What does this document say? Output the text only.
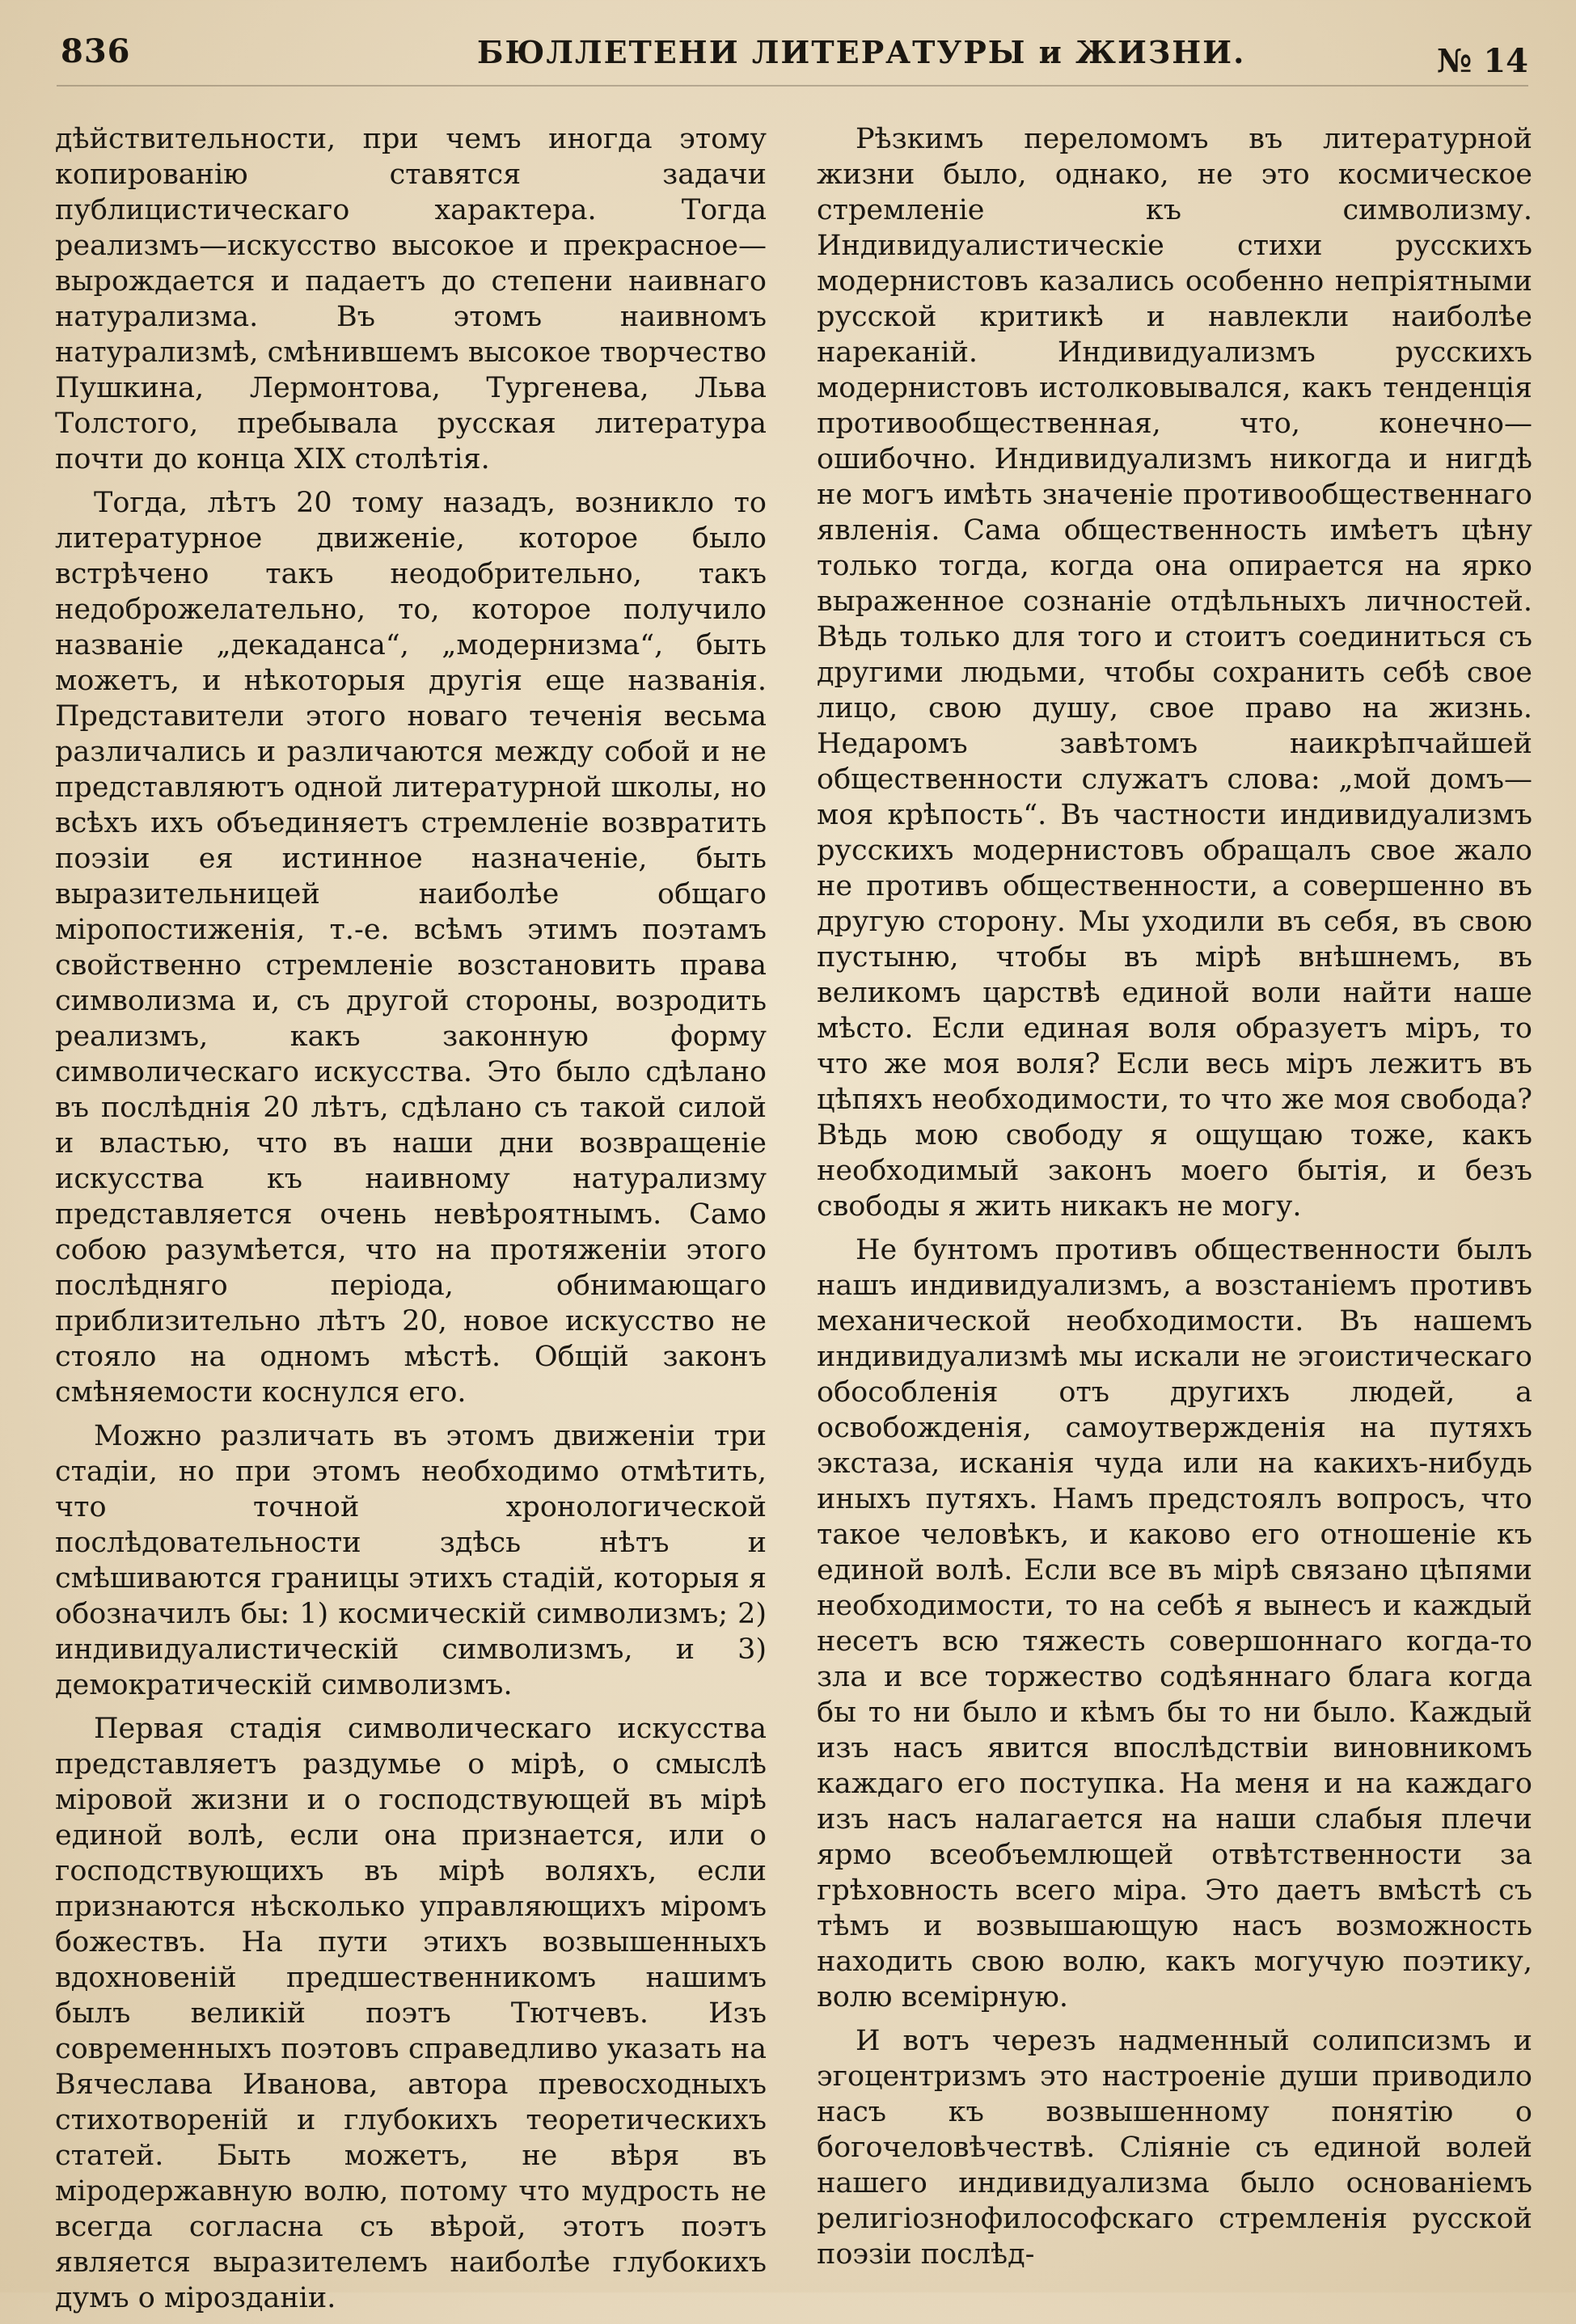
836	БЮЛЛЕТЕНИ ЛИТЕРАТУРЫ и ЖИЗНИ.	№ 14

дѣйствительности, при чемъ иногда этому копированію ставятся задачи публицистическаго характера. Тогда реализмъ—искусство высокое и прекрасное—вырождается и падаетъ до степени наивнаго натурализма. Въ этомъ наивномъ натурализмѣ, смѣнившемъ высокое творчество Пушкина, Лермонтова, Тургенева, Льва Толстого, пребывала русская литература почти до конца XIX столѣтія.

Тогда, лѣтъ 20 тому назадъ, возникло то литературное движеніе, которое было встрѣчено такъ неодобрительно, такъ недоброжелательно, то, которое получило названіе „декаданса“, „модернизма“, быть можетъ, и нѣкоторыя другія еще названія. Представители этого новаго теченія весьма различались и различаются между собой и не представляютъ одной литературной школы, но всѣхъ ихъ объединяетъ стремленіе возвратить поэзіи ея истинное назначеніе, быть выразительницей наиболѣе общаго міропостиженія, т.-е. всѣмъ этимъ поэтамъ свойственно стремленіе возстановить права символизма и, съ другой стороны, возродить реализмъ, какъ законную форму символическаго искусства. Это было сдѣлано въ послѣднія 20 лѣтъ, сдѣлано съ такой силой и властью, что въ наши дни возвращеніе искусства къ наивному натурализму представляется очень невѣроятнымъ. Само собою разумѣется, что на протяженіи этого послѣдняго періода, обнимающаго приблизительно лѣтъ 20, новое искусство не стояло на одномъ мѣстѣ. Общій законъ смѣняемости коснулся его.

Можно различать въ этомъ движеніи три стадіи, но при этомъ необходимо отмѣтить, что точной хронологической послѣдовательности здѣсь нѣтъ и смѣшиваются границы этихъ стадій, которыя я обозначилъ бы: 1) космическій символизмъ; 2) индивидуалистическій символизмъ, и 3) демократическій символизмъ.

Первая стадія символическаго искусства представляетъ раздумье о мірѣ, о смыслѣ міровой жизни и о господствующей въ мірѣ единой волѣ, если она признается, или о господствующихъ въ мірѣ воляхъ, если признаются нѣсколько управляющихъ міромъ божествъ. На пути этихъ возвышенныхъ вдохновеній предшественникомъ нашимъ былъ великій поэтъ Тютчевъ. Изъ современныхъ поэтовъ справедливо указать на Вячеслава Иванова, автора превосходныхъ стихотвореній и глубокихъ теоретическихъ статей. Быть можетъ, не вѣря въ міродержавную волю, потому что мудрость не всегда согласна съ вѣрой, этотъ поэтъ является выразителемъ наиболѣе глубокихъ думъ о мірозданіи.

Рѣзкимъ переломомъ въ литературной жизни было, однако, не это космическое стремленіе къ символизму. Индивидуалистическіе стихи русскихъ модернистовъ казались особенно непріятными русской критикѣ и навлекли наиболѣе нареканій. Индивидуализмъ русскихъ модернистовъ истолковывался, какъ тенденція противообщественная, что, конечно—ошибочно. Индивидуализмъ никогда и нигдѣ не могъ имѣть значеніе противообщественнаго явленія. Сама общественность имѣетъ цѣну только тогда, когда она опирается на ярко выраженное сознаніе отдѣльныхъ личностей. Вѣдь только для того и стоитъ соединиться съ другими людьми, чтобы сохранить себѣ свое лицо, свою душу, свое право на жизнь. Недаромъ завѣтомъ наикрѣпчайшей общественности служатъ слова: „мой домъ—моя крѣпость“. Въ частности индивидуализмъ русскихъ модернистовъ обращалъ свое жало не противъ общественности, а совершенно въ другую сторону. Мы уходили въ себя, въ свою пустыню, чтобы въ мірѣ внѣшнемъ, въ великомъ царствѣ единой воли найти наше мѣсто. Если единая воля образуетъ міръ, то что же моя воля? Если весь міръ лежитъ въ цѣпяхъ необходимости, то что же моя свобода? Вѣдь мою свободу я ощущаю тоже, какъ необходимый законъ моего бытія, и безъ свободы я жить никакъ не могу.

Не бунтомъ противъ общественности былъ нашъ индивидуализмъ, а возстаніемъ противъ механической необходимости. Въ нашемъ индивидуализмѣ мы искали не эгоистическаго обособленія отъ другихъ людей, а освобожденія, самоутвержденія на путяхъ экстаза, исканія чуда или на какихъ-нибудь иныхъ путяхъ. Намъ предстоялъ вопросъ, что такое человѣкъ, и каково его отношеніе къ единой волѣ. Если все въ мірѣ связано цѣпями необходимости, то на себѣ я вынесъ и каждый несетъ всю тяжесть совершоннаго когда-то зла и все торжество содѣяннаго блага когда бы то ни было и кѣмъ бы то ни было. Каждый изъ насъ явится впослѣдствіи виновникомъ каждаго его поступка. На меня и на каждаго изъ насъ налагается на наши слабыя плечи ярмо всеобъемлющей отвѣтственности за грѣховность всего міра. Это даетъ вмѣстѣ съ тѣмъ и возвышающую насъ возможность находить свою волю, какъ могучую поэтику, волю всемірную.

И вотъ черезъ надменный солипсизмъ и эгоцентризмъ это настроеніе души приводило насъ къ возвышенному понятію о богочеловѣчествѣ. Сліяніе съ единой волей нашего индивидуализма было основаніемъ религіознофилософскаго стремленія русской поэзіи послѣд-
